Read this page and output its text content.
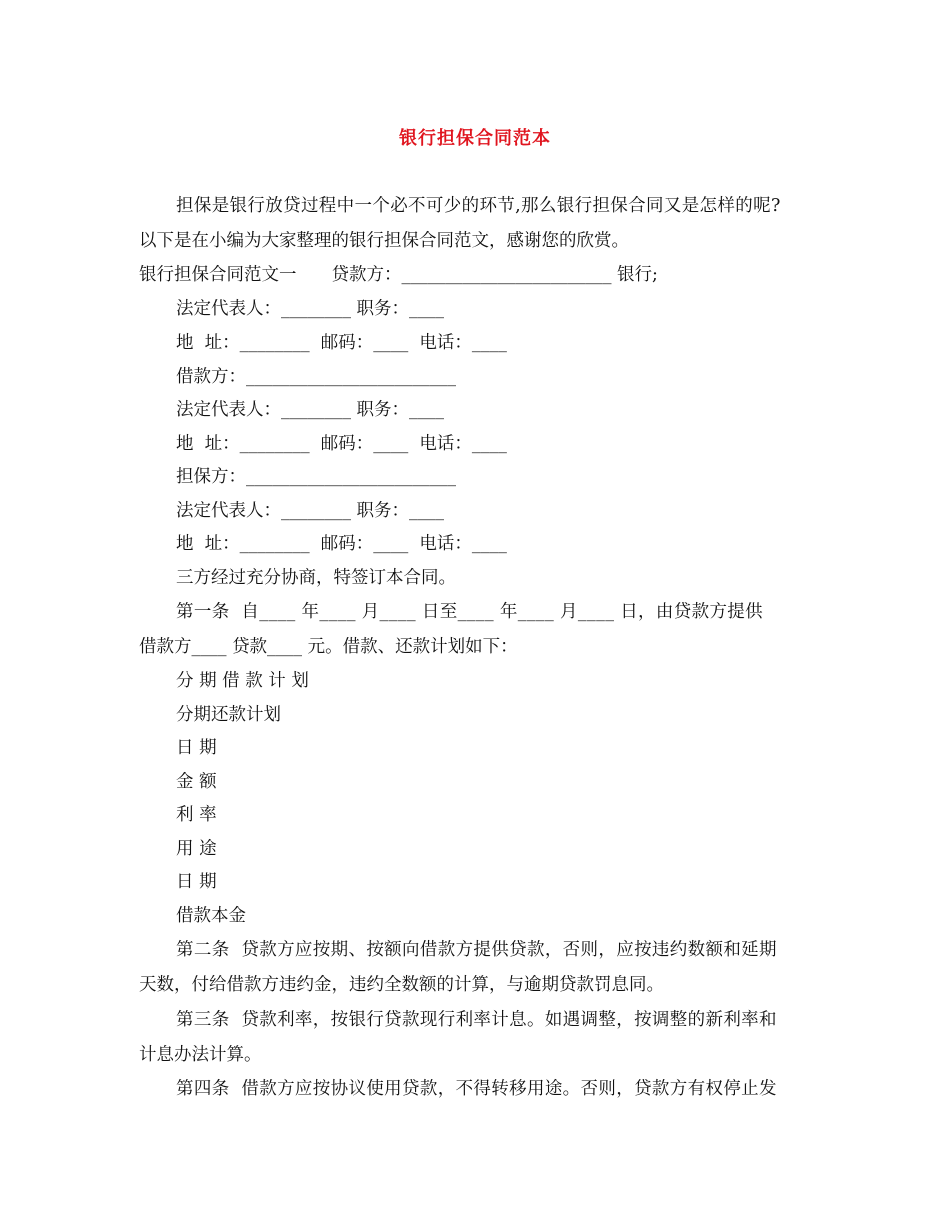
银行担保合同范本
担保是银行放贷过程中一个必不可少的环节,那么银行担保合同又是怎样的呢?
以下是在小编为大家整理的银行担保合同范文，感谢您的欣赏。
银行担保合同范文一　　贷款方：________________________ 银行;
法定代表人：________ 职务：____
地  址：________  邮码：____  电话：____
借款方：________________________
法定代表人：________ 职务：____
地  址：________  邮码：____  电话：____
担保方：________________________
法定代表人：________ 职务：____
地  址：________  邮码：____  电话：____
三方经过充分协商，特签订本合同。
第一条  自____ 年____ 月____ 日至____ 年____ 月____ 日，由贷款方提供
借款方____ 贷款____ 元。借款、还款计划如下：
分 期 借 款 计 划
分期还款计划
日 期
金 额
利 率
用 途
日 期
借款本金
第二条  贷款方应按期、按额向借款方提供贷款，否则，应按违约数额和延期
天数，付给借款方违约金，违约全数额的计算，与逾期贷款罚息同。
第三条  贷款利率，按银行贷款现行利率计息。如遇调整，按调整的新利率和
计息办法计算。
第四条  借款方应按协议使用贷款，不得转移用途。否则，贷款方有权停止发
